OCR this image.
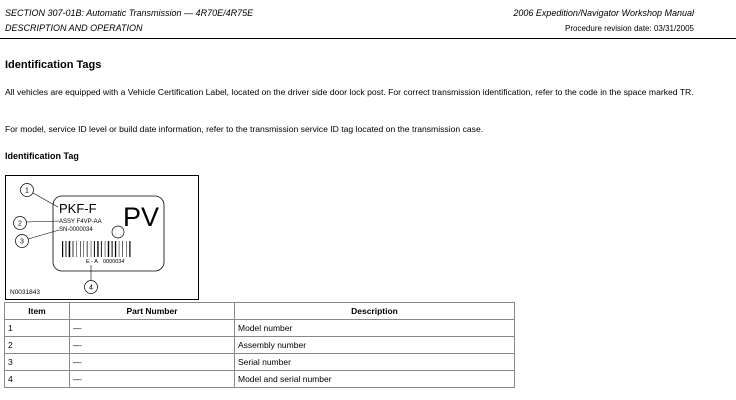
SECTION 307-01B: Automatic Transmission — 4R70E/4R75E
DESCRIPTION AND OPERATION
2006 Expedition/Navigator Workshop Manual
Procedure revision date: 03/31/2005
Identification Tags
All vehicles are equipped with a Vehicle Certification Label, located on the driver side door lock post. For correct transmission identification, refer to the code in the space marked TR.
For model, service ID level or build date information, refer to the transmission service ID tag located on the transmission case.
Identification Tag
PKF-F
ASSY F4VP-AA
SN-0000034 PV
E - A 0000034
1
2
3
4
N0031843
Item	Part Number	Description
1	—	Model number
2	—	Assembly number
3	—	Serial number
4	—	Model and serial number
